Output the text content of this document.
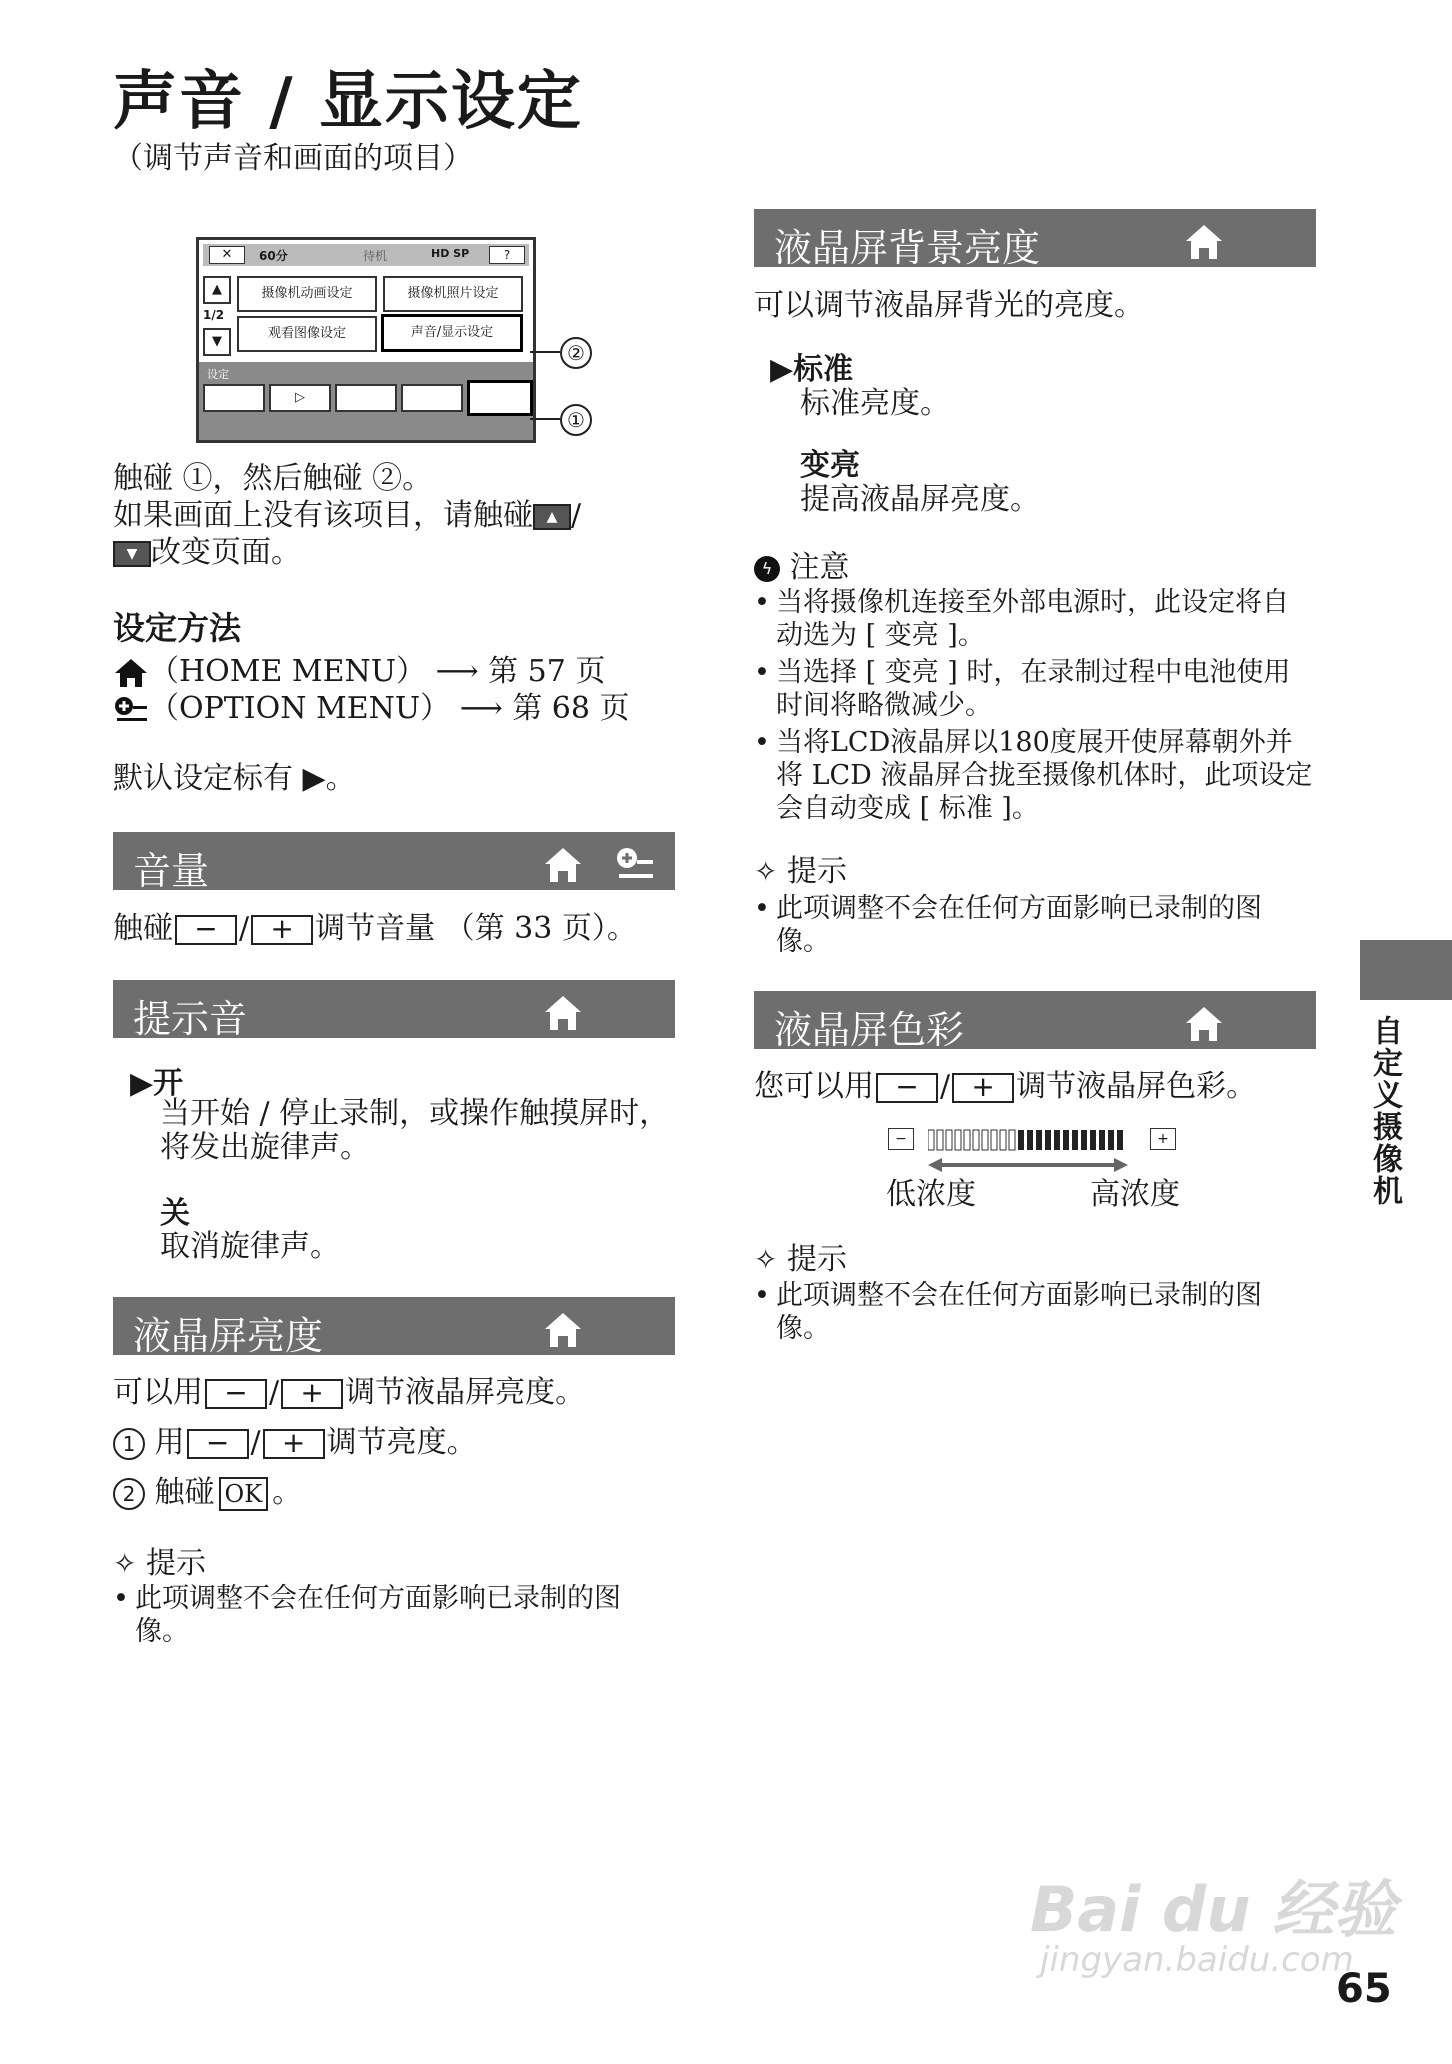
声音 / 显示设定
（调节声音和画面的项目）
✕	60分	待机	HD SP	?
▲
1/2
▼
摄像机动画设定	摄像机照片设定
观看图像设定	声音/显示设定
设定
▷
②
①
触碰 ①，然后触碰 ②。
如果画面上没有该项目，请触碰 ▲ /
▼ 改变页面。
设定方法
（HOME MENU） ⟶ 第 57 页
（OPTION MENU） ⟶ 第 68 页
默认设定标有 ▶。
音量
触碰 − / + 调节音量 （第 33 页）。
提示音
▶开
当开始 / 停止录制，或操作触摸屏时，将发出旋律声。
关
取消旋律声。
液晶屏亮度
可以用 − / + 调节液晶屏亮度。
1 用 − / + 调节亮度。
2 触碰 OK 。
✧ 提示
• 此项调整不会在任何方面影响已录制的图像。
液晶屏背景亮度
可以调节液晶屏背光的亮度。
▶标准
标准亮度。
变亮
提高液晶屏亮度。
ϟ 注意
• 当将摄像机连接至外部电源时，此设定将自动选为 [ 变亮 ]。
• 当选择 [ 变亮 ] 时，在录制过程中电池使用时间将略微减少。
• 当将LCD液晶屏以180度展开使屏幕朝外并将 LCD 液晶屏合拢至摄像机体时，此项设定会自动变成 [ 标准 ]。
✧ 提示
• 此项调整不会在任何方面影响已录制的图像。
液晶屏色彩
您可以用 − / + 调节液晶屏色彩。
−	+
低浓度	高浓度
✧ 提示
• 此项调整不会在任何方面影响已录制的图像。
自定义摄像机
Bai du 经验
jingyan.baidu.com
65
